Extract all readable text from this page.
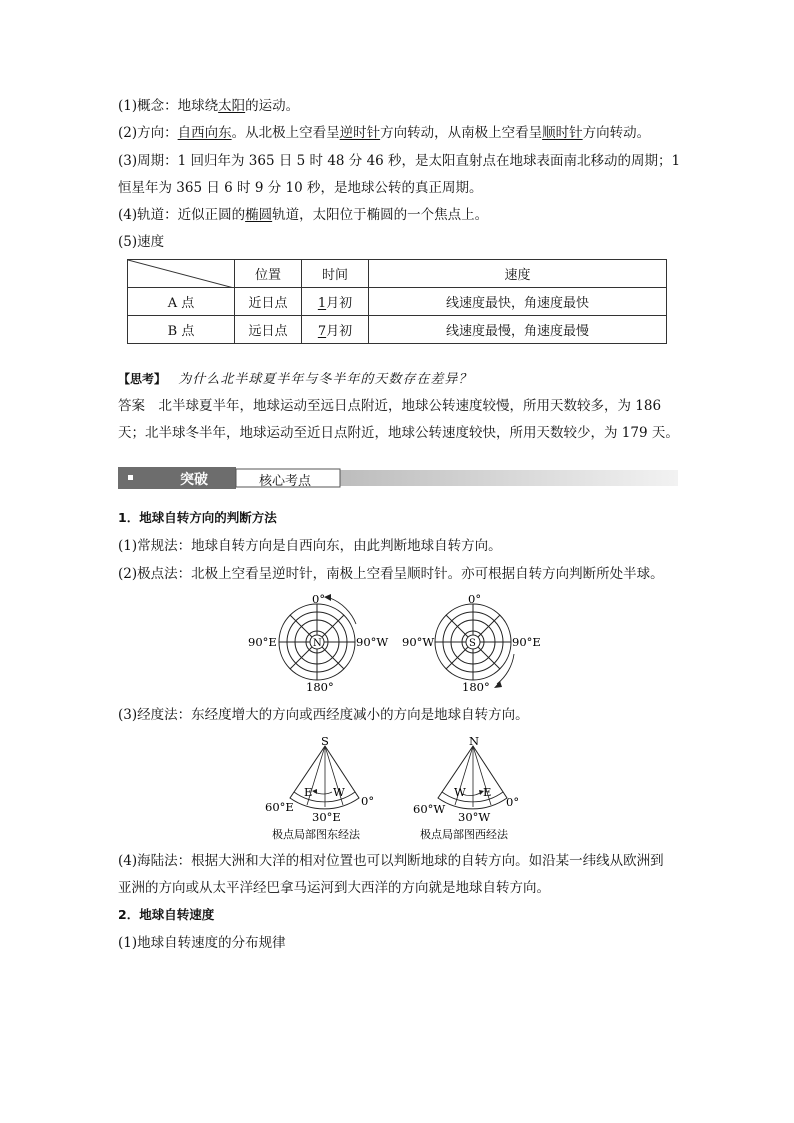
(1)概念：地球绕太阳的运动。
(2)方向：自西向东。从北极上空看呈逆时针方向转动，从南极上空看呈顺时针方向转动。
(3)周期：1 回归年为 365 日 5 时 48 分 46 秒，是太阳直射点在地球表面南北移动的周期；1
恒星年为 365 日 6 时 9 分 10 秒，是地球公转的真正周期。
(4)轨道：近似正圆的椭圆轨道，太阳位于椭圆的一个焦点上。
(5)速度
	位置	时间	速度
A 点	近日点	1月初	线速度最快，角速度最快
B 点	远日点	7月初	线速度最慢，角速度最慢
【思考】 为什么北半球夏半年与冬半年的天数存在差异？
答案　北半球夏半年，地球运动至远日点附近，地球公转速度较慢，所用天数较多，为 186
天；北半球冬半年，地球运动至近日点附近，地球公转速度较快，所用天数较少，为 179 天。
突破	核心考点
1．地球自转方向的判断方法
(1)常规法：地球自转方向是自西向东，由此判断地球自转方向。
(2)极点法：北极上空看呈逆时针，南极上空看呈顺时针。亦可根据自转方向判断所处半球。
0°
180°
90°E	90°W
N
0°
180°
90°W	90°E
S
(3)经度法：东经度增大的方向或西经度减小的方向是地球自转方向。
S
E W
60°E
30°E
0°
极点局部图东经法
N
W E
60°W
30°W
0°
极点局部图西经法
(4)海陆法：根据大洲和大洋的相对位置也可以判断地球的自转方向。如沿某一纬线从欧洲到
亚洲的方向或从太平洋经巴拿马运河到大西洋的方向就是地球自转方向。
2．地球自转速度
(1)地球自转速度的分布规律
